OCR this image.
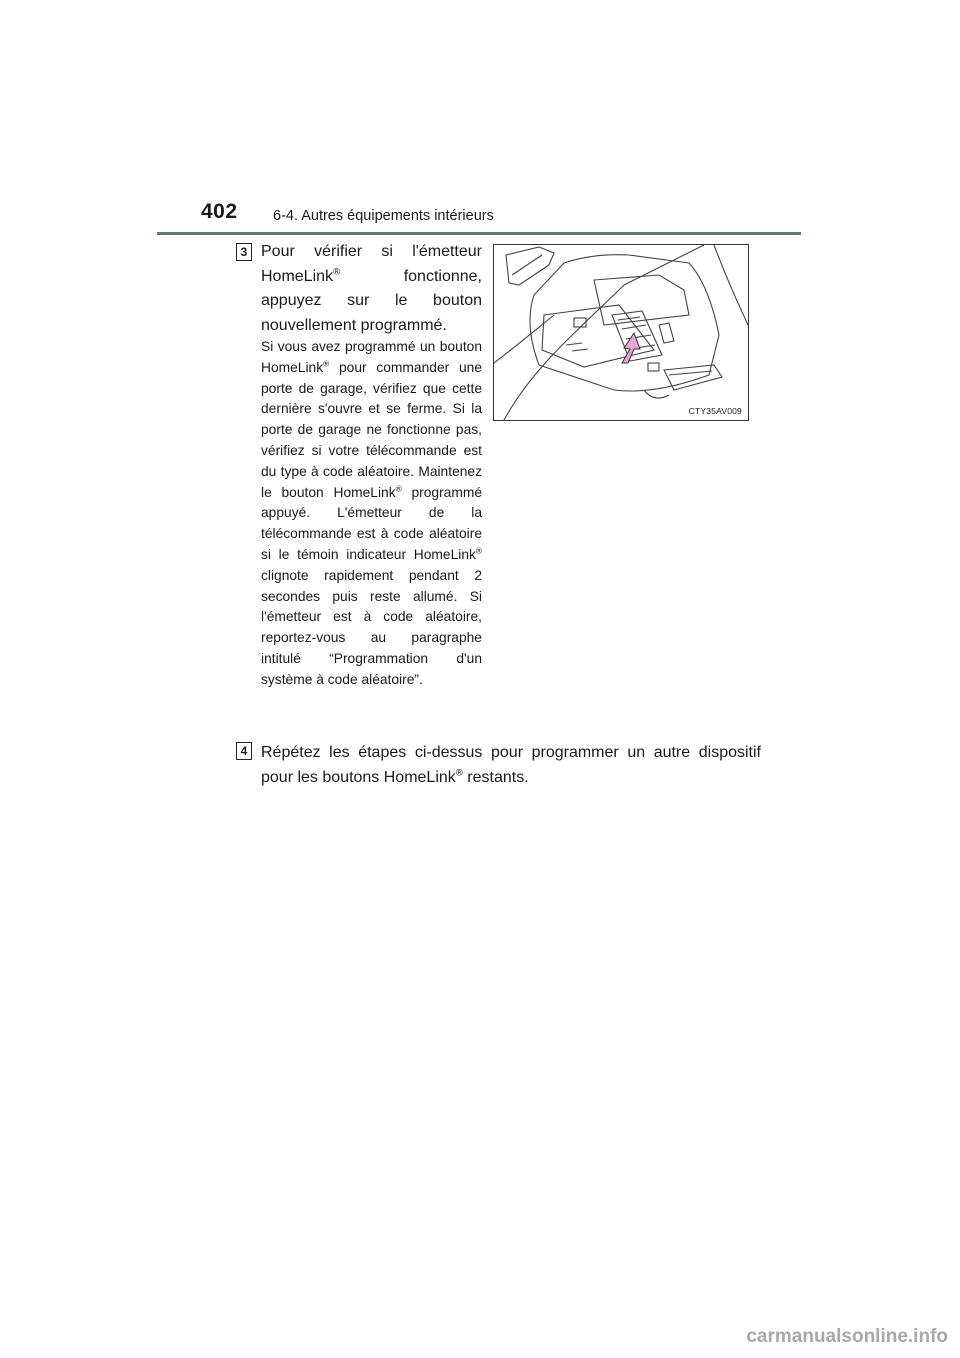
402 6-4. Autres équipements intérieurs
3 Pour vérifier si l'émetteur HomeLink® fonctionne, appuyez sur le bouton nouvellement programmé.
Si vous avez programmé un bouton HomeLink® pour commander une porte de garage, vérifiez que cette dernière s'ouvre et se ferme. Si la porte de garage ne fonctionne pas, vérifiez si votre télécommande est du type à code aléatoire. Maintenez le bouton HomeLink® programmé appuyé. L'émetteur de la télécommande est à code aléatoire si le témoin indicateur HomeLink® clignote rapidement pendant 2 secondes puis reste allumé. Si l'émetteur est à code aléatoire, reportez-vous au paragraphe intitulé “Programmation d'un système à code aléatoire”.
CTY35AV009
4 Répétez les étapes ci-dessus pour programmer un autre dispositif pour les boutons HomeLink® restants.
carmanualsonline.info
